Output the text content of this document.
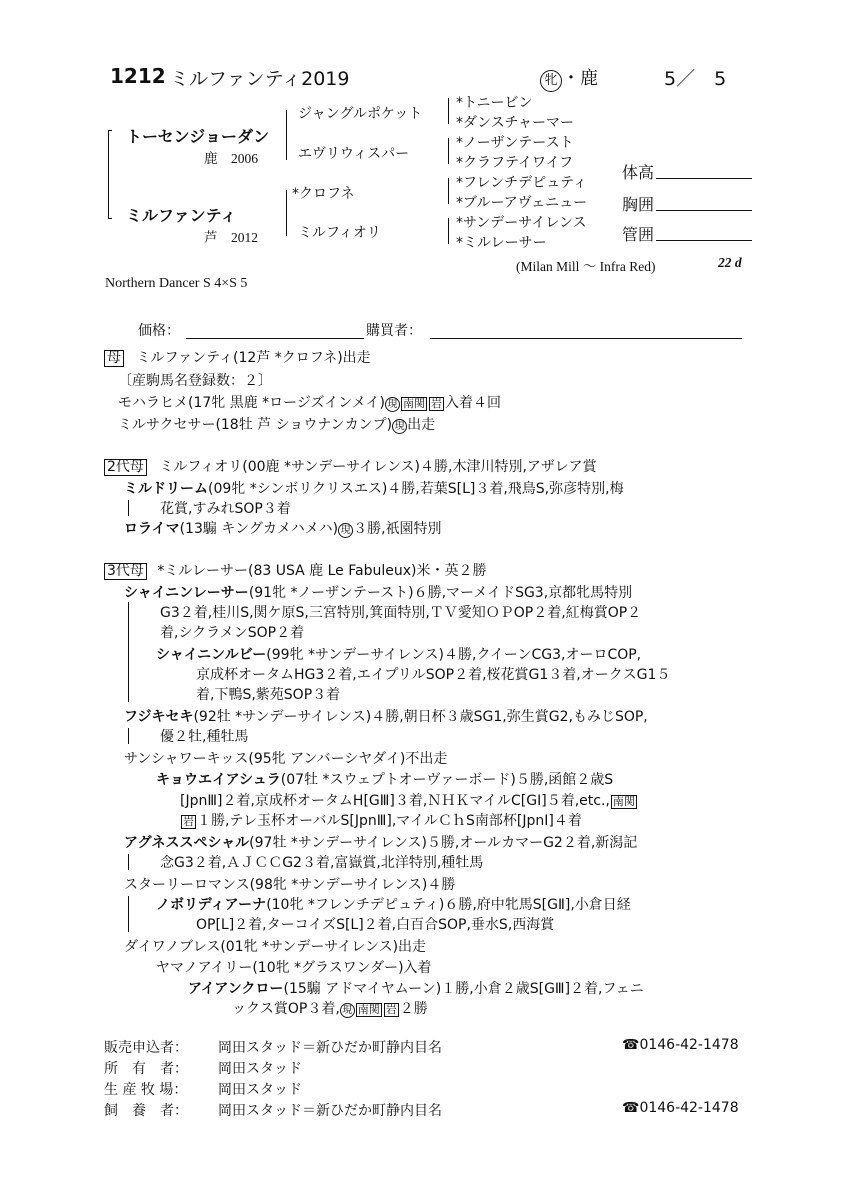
1212 ミルファンティ2019	牝 ・鹿	5／　5
トーセンジョーダン
鹿　2006
ミルファンティ
芦　2012
ジャングルポケット
エヴリウィスパー
*クロフネ
ミルフィオリ
*トニービン
*ダンスチャーマー
*ノーザンテースト
*クラフテイワイフ
*フレンチデピュティ
*ブルーアヴェニュー
*サンデーサイレンス
*ミルレーサー
体高
胸囲
管囲
(Milan Mill ～ Infra Red)	22 d
Northern Dancer S 4×S 5
価格：	購買者：
母 ミルファンティ(12芦 *クロフネ)出走
〔産駒馬名登録数：２〕
モハラヒメ(17牝 黒鹿 *ロージズインメイ) 現 南関 岩 入着４回
ミルサクセサー(18牡 芦 ショウナンカンプ) 現 出走
2代母 ミルフィオリ(00鹿 *サンデーサイレンス)４勝,木津川特別,アザレア賞
ミルドリーム(09牝 *シンボリクリスエス)４勝,若葉S[L]３着,飛鳥S,弥彦特別,梅
花賞,すみれSOP３着
ロライマ(13騸 キングカメハメハ) 現 ３勝,祇園特別
3代母 *ミルレーサー(83 USA 鹿 Le Fabuleux)米・英２勝
シャイニンレーサー(91牝 *ノーザンテースト)６勝,マーメイドSG3,京都牝馬特別
G3２着,桂川S,関ケ原S,三宮特別,箕面特別,ＴＶ愛知ＯＰOP２着,紅梅賞OP２
着,シクラメンSOP２着
シャイニンルビー(99牝 *サンデーサイレンス)４勝,クイーンCG3,オーロCOP,
京成杯オータムHG3２着,エイプリルSOP２着,桜花賞G1３着,オークスG1５
着,下鴨S,紫苑SOP３着
フジキセキ(92牡 *サンデーサイレンス)４勝,朝日杯３歳SG1,弥生賞G2,もみじSOP,
優２牡,種牡馬
サンシャワーキッス(95牝 アンバーシヤダイ)不出走
キョウエイアシュラ(07牡 *スウェプトオーヴァーボード)５勝,函館２歳S
[JpnⅢ]２着,京成杯オータムH[GⅢ]３着,ＮＨＫマイルC[GⅠ]５着,etc., 南関
岩 １勝,テレ玉杯オーバルS[JpnⅢ],マイルＣｈS南部杯[JpnⅠ]４着
アグネススペシャル(97牡 *サンデーサイレンス)５勝,オールカマーG2２着,新潟記
念G3２着,ＡＪＣＣG2３着,富嶽賞,北洋特別,種牡馬
スターリーロマンス(98牝 *サンデーサイレンス)４勝
ノボリディアーナ(10牝 *フレンチデピュティ)６勝,府中牝馬S[GⅡ],小倉日経
OP[L]２着,ターコイズS[L]２着,白百合SOP,垂水S,西海賞
ダイワノブレス(01牝 *サンデーサイレンス)出走
ヤマノアイリー(10牝 *グラスワンダー)入着
アイアンクロー(15騸 アドマイヤムーン)１勝,小倉２歳S[GⅢ]２着,フェニ
ックス賞OP３着, 現 南関 岩 ２勝
販売申込者： 岡田スタッド＝新ひだか町静内目名	☎0146-42-1478
所　有　者： 岡田スタッド
生 産 牧 場： 岡田スタッド
飼　養　者： 岡田スタッド＝新ひだか町静内目名	☎0146-42-1478
